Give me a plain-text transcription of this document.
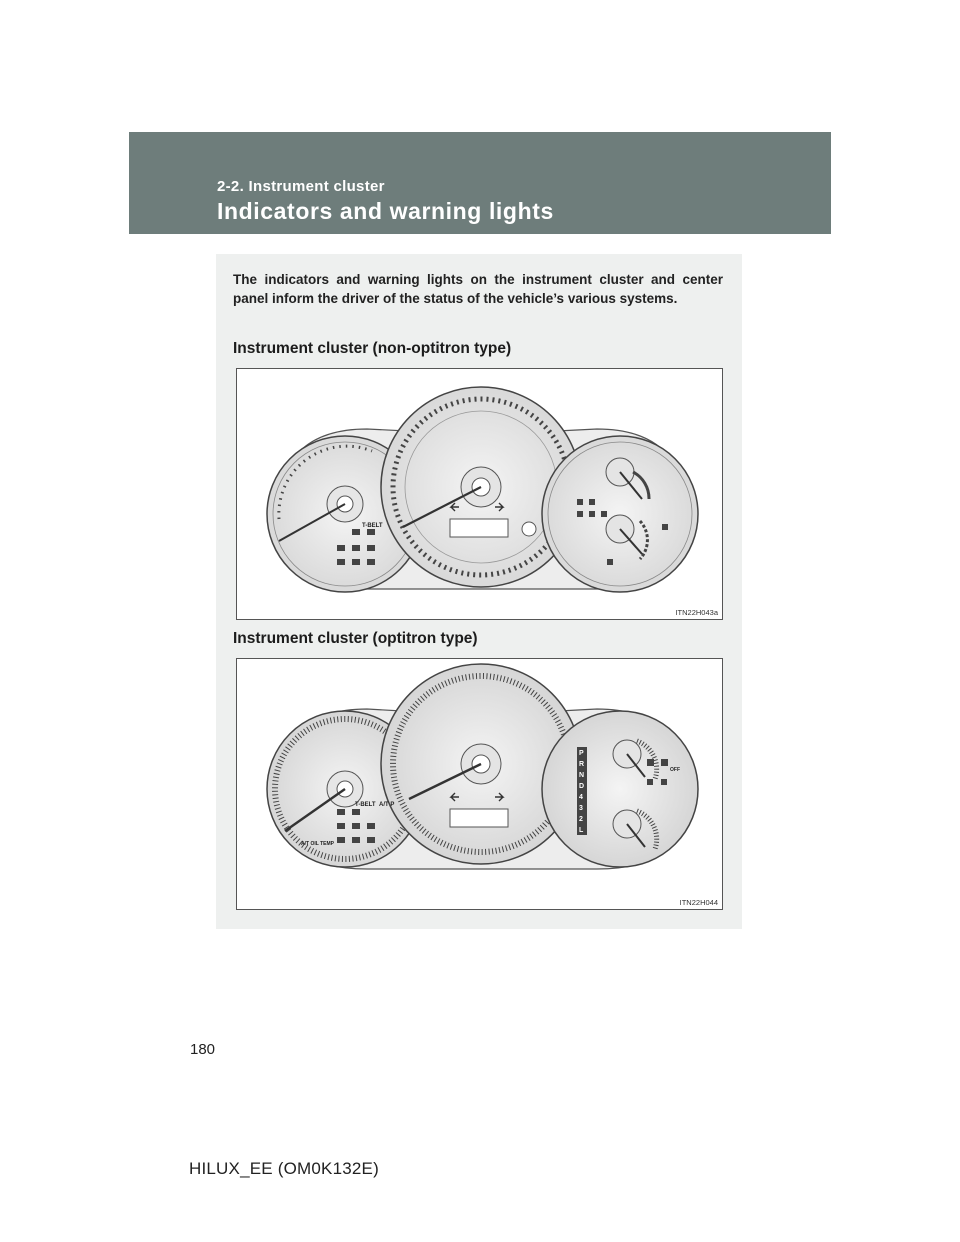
2-2. Instrument cluster
Indicators and warning lights
The indicators and warning lights on the instrument cluster and center panel inform the driver of the status of the vehicle’s various systems.
Instrument cluster (non-optitron type)
T-BELT
ITN22H043a
Instrument cluster (optitron type)
T-BELT A/T P
A/T OIL TEMP
OFF
P
R
N
D
4
3
2
L
ITN22H044
180
HILUX_EE (OM0K132E)
